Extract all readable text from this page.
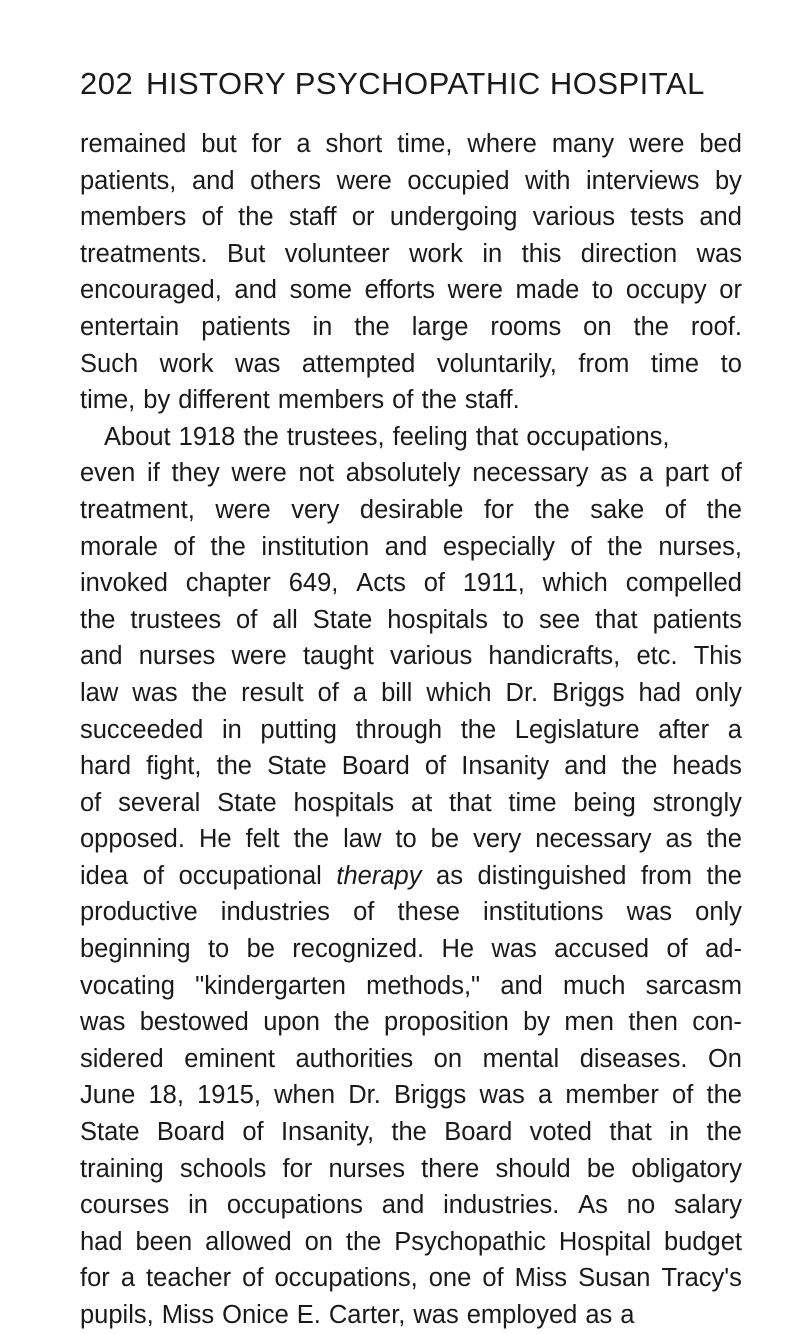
202 HISTORY PSYCHOPATHIC HOSPITAL
remained but for a short time, where many were bed
patients, and others were occupied with interviews by
members of the staff or undergoing various tests and
treatments. But volunteer work in this direction was
encouraged, and some efforts were made to occupy or
entertain patients in the large rooms on the roof.
Such work was attempted voluntarily, from time to
time, by different members of the staff.
About 1918 the trustees, feeling that occupations,
even if they were not absolutely necessary as a part of
treatment, were very desirable for the sake of the
morale of the institution and especially of the nurses,
invoked chapter 649, Acts of 1911, which compelled
the trustees of all State hospitals to see that patients
and nurses were taught various handicrafts, etc. This
law was the result of a bill which Dr. Briggs had only
succeeded in putting through the Legislature after a
hard fight, the State Board of Insanity and the heads
of several State hospitals at that time being strongly
opposed. He felt the law to be very necessary as the
idea of occupational therapy as distinguished from the
productive industries of these institutions was only
beginning to be recognized. He was accused of ad-
vocating "kindergarten methods," and much sarcasm
was bestowed upon the proposition by men then con-
sidered eminent authorities on mental diseases. On
June 18, 1915, when Dr. Briggs was a member of the
State Board of Insanity, the Board voted that in the
training schools for nurses there should be obligatory
courses in occupations and industries. As no salary
had been allowed on the Psychopathic Hospital budget
for a teacher of occupations, one of Miss Susan Tracy's
pupils, Miss Onice E. Carter, was employed as a
